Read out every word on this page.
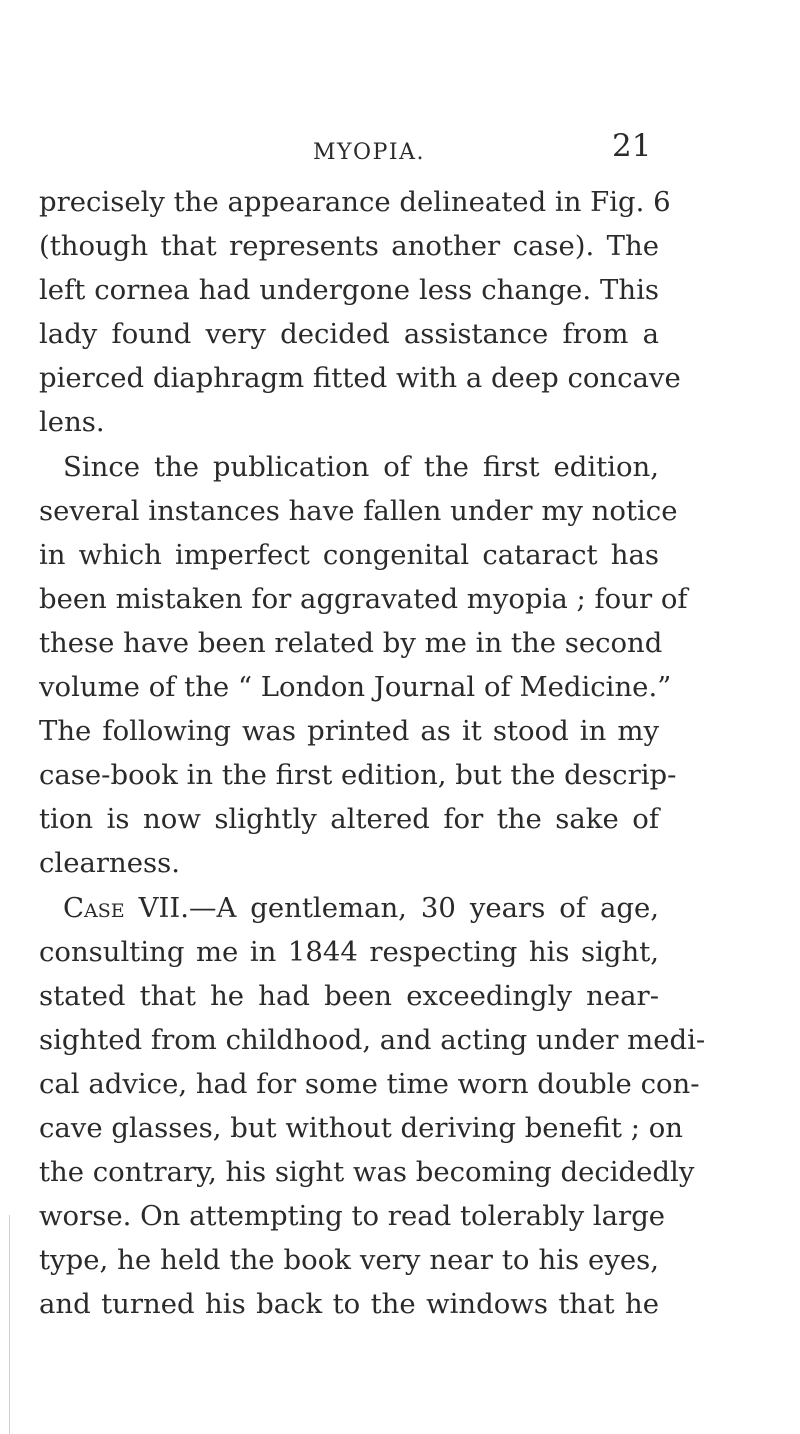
MYOPIA.	21
precisely the appearance delineated in Fig. 6
(though that represents another case). The
left cornea had undergone less change. This
lady found very decided assistance from a
pierced diaphragm fitted with a deep concave
lens.
Since the publication of the first edition,
several instances have fallen under my notice
in which imperfect congenital cataract has
been mistaken for aggravated myopia ; four of
these have been related by me in the second
volume of the “ London Journal of Medicine.”
The following was printed as it stood in my
case-book in the first edition, but the descrip-
tion is now slightly altered for the sake of
clearness.
Case VII.—A gentleman, 30 years of age,
consulting me in 1844 respecting his sight,
stated that he had been exceedingly near-
sighted from childhood, and acting under medi-
cal advice, had for some time worn double con-
cave glasses, but without deriving benefit ; on
the contrary, his sight was becoming decidedly
worse. On attempting to read tolerably large
type, he held the book very near to his eyes,
and turned his back to the windows that he
